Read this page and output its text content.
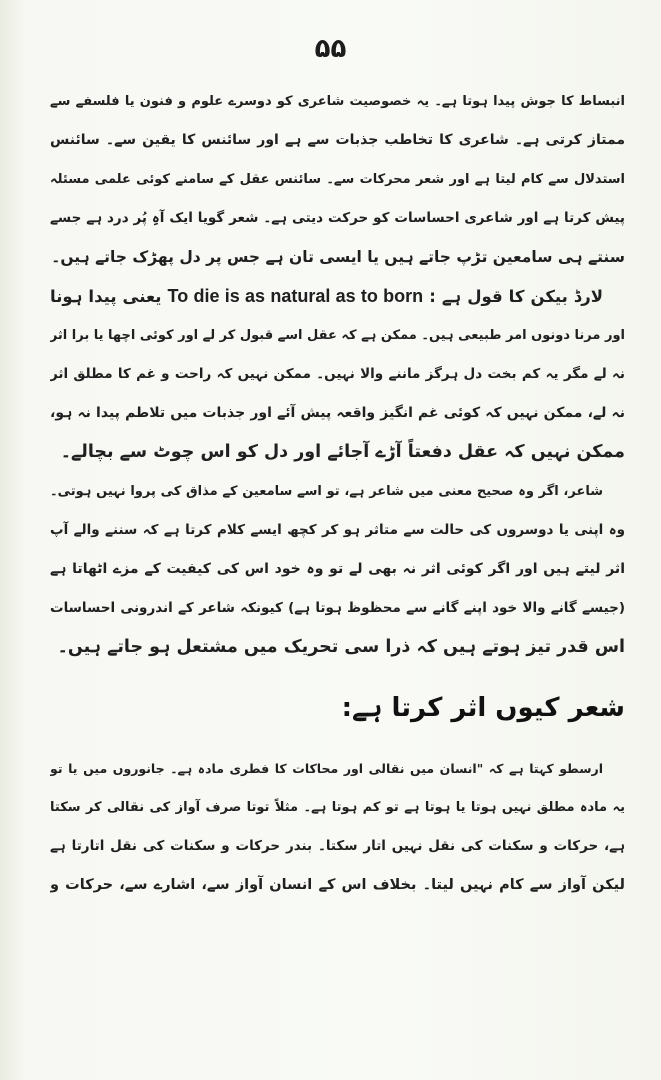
۵۵
انبساط کا جوش پیدا ہوتا ہے۔ یہ خصوصیت شاعری کو دوسرے علوم و فنون یا فلسفے سے
ممتاز کرتی ہے۔ شاعری کا تخاطب جذبات سے ہے اور سائنس کا یقین سے۔ سائنس
استدلال سے کام لیتا ہے اور شعر محرکات سے۔ سائنس عقل کے سامنے کوئی علمی مسئلہ
پیش کرتا ہے اور شاعری احساسات کو حرکت دیتی ہے۔ شعر گویا ایک آہِ پُر درد ہے جسے
سنتے ہی سامعین تڑپ جاتے ہیں یا ایسی تان ہے جس پر دل پھڑک جاتے ہیں۔
لارڈ بیکن کا قول ہے : To die is as natural as to born یعنی پیدا ہونا
اور مرنا دونوں امر طبیعی ہیں۔ ممکن ہے کہ عقل اسے قبول کر لے اور کوئی اچھا یا برا اثر
نہ لے مگر یہ کم بخت دل ہرگز ماننے والا نہیں۔ ممکن نہیں کہ راحت و غم کا مطلق اثر
نہ لے، ممکن نہیں کہ کوئی غم انگیز واقعہ پیش آئے اور جذبات میں تلاطم پیدا نہ ہو،
ممکن نہیں کہ عقل دفعتاً آڑے آجائے اور دل کو اس چوٹ سے بچالے۔
شاعر، اگر وہ صحیح معنی میں شاعر ہے، تو اسے سامعین کے مذاق کی پروا نہیں ہوتی۔
وہ اپنی یا دوسروں کی حالت سے متاثر ہو کر کچھ ایسے کلام کرتا ہے کہ سننے والے آپ
اثر لیتے ہیں اور اگر کوئی اثر نہ بھی لے تو وہ خود اس کی کیفیت کے مزے اٹھاتا ہے
(جیسے گانے والا خود اپنے گانے سے محظوظ ہوتا ہے) کیونکہ شاعر کے اندرونی احساسات
اس قدر تیز ہوتے ہیں کہ ذرا سی تحریک میں مشتعل ہو جاتے ہیں۔
شعر کیوں اثر کرتا ہے:
ارسطو کہتا ہے کہ "انسان میں نقالی اور محاکات کا فطری مادہ ہے۔ جانوروں میں یا تو
یہ مادہ مطلق نہیں ہوتا یا ہوتا ہے تو کم ہوتا ہے۔ مثلاً توتا صرف آواز کی نقالی کر سکتا
ہے، حرکات و سکنات کی نقل نہیں اتار سکتا۔ بندر حرکات و سکنات کی نقل اتارتا ہے
لیکن آواز سے کام نہیں لیتا۔ بخلاف اس کے انسان آواز سے، اشارے سے، حرکات و
